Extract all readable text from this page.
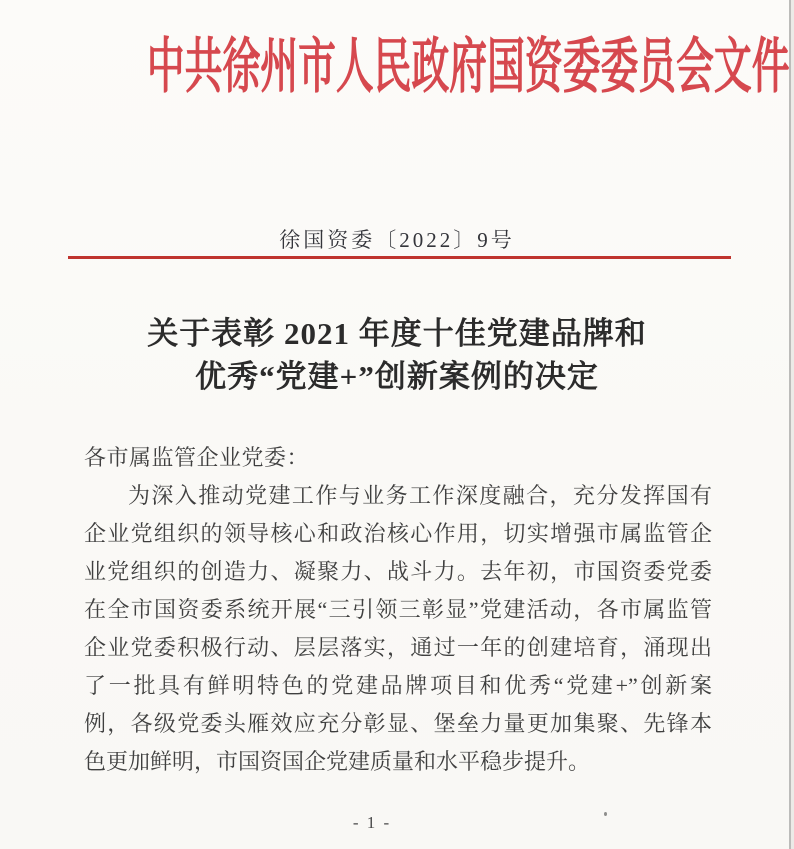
中共徐州市人民政府国资委委员会文件
徐国资委〔2022〕9号
关于表彰 2021 年度十佳党建品牌和
优秀“党建+”创新案例的决定
各市属监管企业党委：
为深入推动党建工作与业务工作深度融合，充分发挥国有
企业党组织的领导核心和政治核心作用，切实增强市属监管企
业党组织的创造力、凝聚力、战斗力。去年初，市国资委党委
在全市国资委系统开展“三引领三彰显”党建活动，各市属监管
企业党委积极行动、层层落实，通过一年的创建培育，涌现出
了一批具有鲜明特色的党建品牌项目和优秀“党建+”创新案
例，各级党委头雁效应充分彰显、堡垒力量更加集聚、先锋本
色更加鲜明，市国资国企党建质量和水平稳步提升。
- 1 -
